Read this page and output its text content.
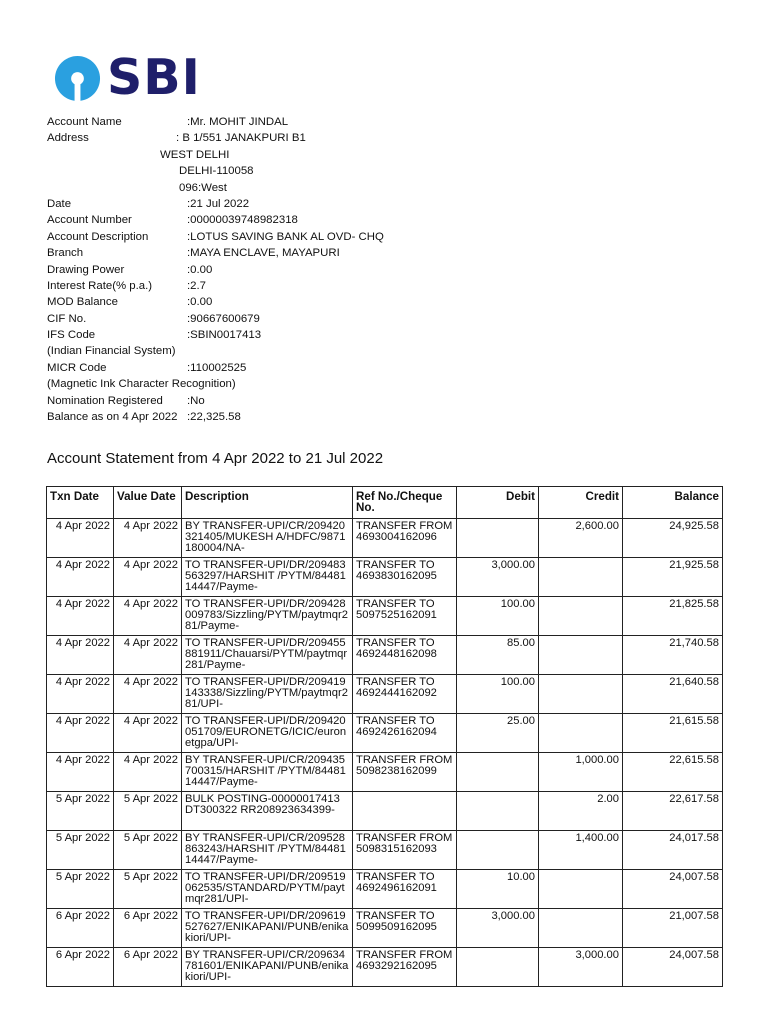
SBI
Account Name	:Mr. MOHIT JINDAL
Address	: B 1/551 JANAKPURI B1
WEST DELHI
DELHI-110058
096:West
Date	:21 Jul 2022
Account Number	:00000039748982318
Account Description	:LOTUS SAVING BANK AL OVD- CHQ
Branch	:MAYA ENCLAVE, MAYAPURI
Drawing Power	:0.00
Interest Rate(% p.a.)	:2.7
MOD Balance	:0.00
CIF No.	:90667600679
IFS Code	:SBIN0017413
(Indian Financial System)
MICR Code	:110002525
(Magnetic Ink Character Recognition)
Nomination Registered :No
Balance as on 4 Apr 2022 :22,325.58
Account Statement from 4 Apr 2022 to 21 Jul 2022
Txn Date	Value Date	Description	Ref No./Cheque No.	Debit	Credit	Balance
4 Apr 2022	4 Apr 2022	BY TRANSFER-UPI/CR/209420321405/MUKESH A/HDFC/9871180004/NA-	TRANSFER FROM 4693004162096		2,600.00	24,925.58
4 Apr 2022	4 Apr 2022	TO TRANSFER-UPI/DR/209483563297/HARSHIT /PYTM/8448114447/Payme-	TRANSFER TO 4693830162095	3,000.00		21,925.58
4 Apr 2022	4 Apr 2022	TO TRANSFER-UPI/DR/209428009783/Sizzling/PYTM/paytmqr281/Payme-	TRANSFER TO 5097525162091	100.00		21,825.58
4 Apr 2022	4 Apr 2022	TO TRANSFER-UPI/DR/209455881911/Chauarsi/PYTM/paytmqr281/Payme-	TRANSFER TO 4692448162098	85.00		21,740.58
4 Apr 2022	4 Apr 2022	TO TRANSFER-UPI/DR/209419143338/Sizzling/PYTM/paytmqr281/UPI-	TRANSFER TO 4692444162092	100.00		21,640.58
4 Apr 2022	4 Apr 2022	TO TRANSFER-UPI/DR/209420051709/EURONETG/ICIC/euronetgpa/UPI-	TRANSFER TO 4692426162094	25.00		21,615.58
4 Apr 2022	4 Apr 2022	BY TRANSFER-UPI/CR/209435700315/HARSHIT /PYTM/8448114447/Payme-	TRANSFER FROM 5098238162099		1,000.00	22,615.58
5 Apr 2022	5 Apr 2022	BULK POSTING-00000017413 DT300322 RR208923634399-			2.00	22,617.58
5 Apr 2022	5 Apr 2022	BY TRANSFER-UPI/CR/209528863243/HARSHIT /PYTM/8448114447/Payme-	TRANSFER FROM 5098315162093		1,400.00	24,017.58
5 Apr 2022	5 Apr 2022	TO TRANSFER-UPI/DR/209519062535/STANDARD/PYTM/paytmqr281/UPI-	TRANSFER TO 4692496162091	10.00		24,007.58
6 Apr 2022	6 Apr 2022	TO TRANSFER-UPI/DR/209619527627/ENIKAPANI/PUNB/enikakiori/UPI-	TRANSFER TO 5099509162095	3,000.00		21,007.58
6 Apr 2022	6 Apr 2022	BY TRANSFER-UPI/CR/209634781601/ENIKAPANI/PUNB/enikakiori/UPI-	TRANSFER FROM 4693292162095		3,000.00	24,007.58
